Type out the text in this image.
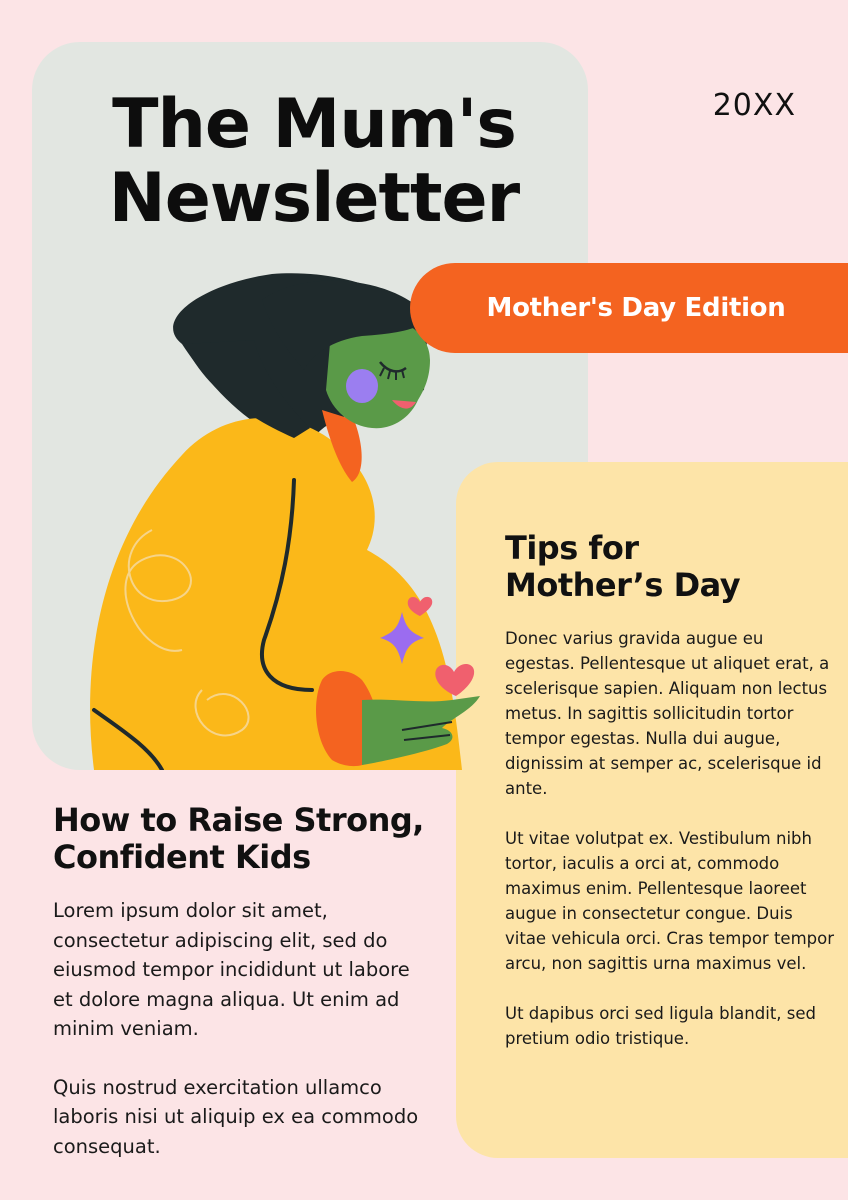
The Mum's
Newsletter
20XX
Mother's Day Edition
Tips for
Mother’s Day

Donec varius gravida augue eu egestas. Pellentesque ut aliquet erat, a scelerisque sapien. Aliquam non lectus metus. In sagittis sollicitudin tortor tempor egestas. Nulla dui augue, dignissim at semper ac, scelerisque id ante.

Ut vitae volutpat ex. Vestibulum nibh tortor, iaculis a orci at, commodo maximus enim. Pellentesque laoreet augue in consectetur congue. Duis vitae vehicula orci. Cras tempor tempor arcu, non sagittis urna maximus vel.

Ut dapibus orci sed ligula blandit, sed pretium odio tristique.

How to Raise Strong,
Confident Kids

Lorem ipsum dolor sit amet, consectetur adipiscing elit, sed do eiusmod tempor incididunt ut labore et dolore magna aliqua. Ut enim ad minim veniam.

Quis nostrud exercitation ullamco laboris nisi ut aliquip ex ea commodo consequat.
